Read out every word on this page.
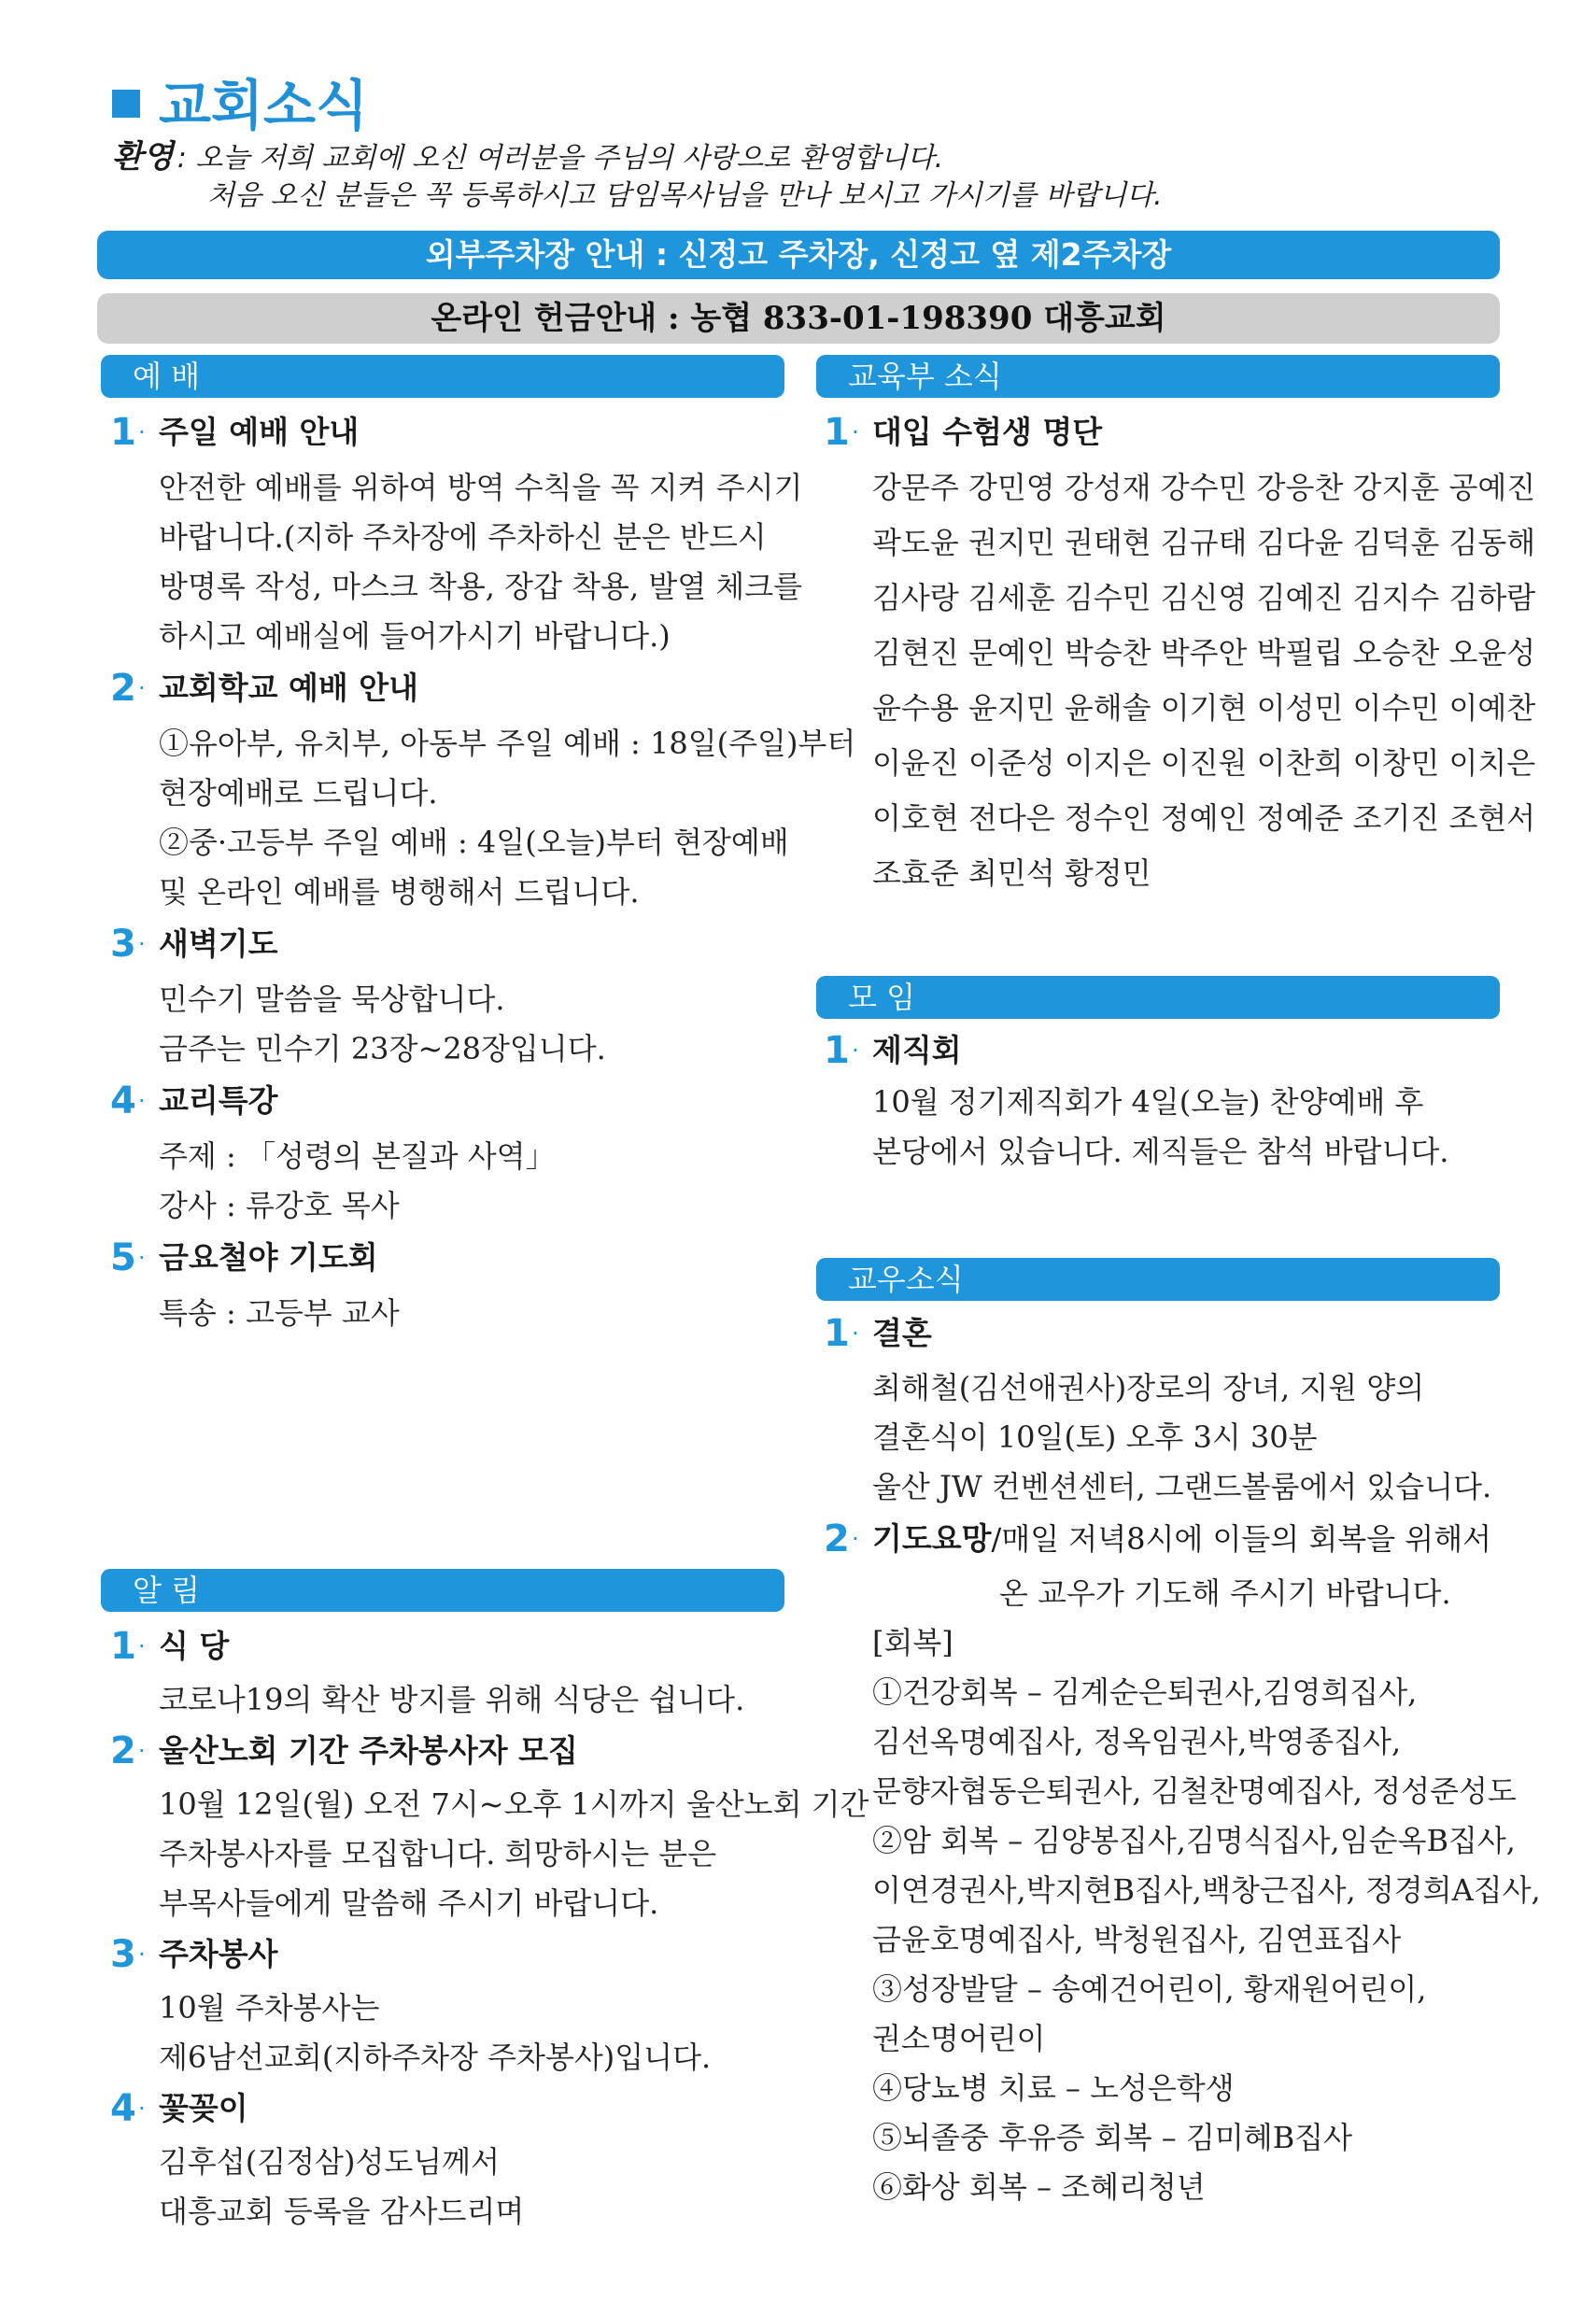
교회소식
환영 : 오늘 저희 교회에 오신 여러분을 주님의 사랑으로 환영합니다.
처음 오신 분들은 꼭 등록하시고 담임목사님을 만나 보시고 가시기를 바랍니다.
외부주차장 안내 : 신정고 주차장, 신정고 옆 제2주차장
온라인 헌금안내 : 농협 833-01-198390 대흥교회
예 배
알 림
교육부 소식
모 임
교우소식
1 · 주일 예배 안내
안전한 예배를 위하여 방역 수칙을 꼭 지켜 주시기
바랍니다.(지하 주차장에 주차하신 분은 반드시
방명록 작성, 마스크 착용, 장갑 착용, 발열 체크를
하시고 예배실에 들어가시기 바랍니다.)
2 · 교회학교 예배 안내
①유아부, 유치부, 아동부 주일 예배 : 18일(주일)부터
현장예배로 드립니다.
②중·고등부 주일 예배 : 4일(오늘)부터 현장예배
및 온라인 예배를 병행해서 드립니다.
3 · 새벽기도
민수기 말씀을 묵상합니다.
금주는 민수기 23장~28장입니다.
4 · 교리특강
주제 : 「성령의 본질과 사역」
강사 : 류강호 목사
5 · 금요철야 기도회
특송 : 고등부 교사
1 · 식 당
코로나19의 확산 방지를 위해 식당은 쉽니다.
2 · 울산노회 기간 주차봉사자 모집
10월 12일(월) 오전 7시~오후 1시까지 울산노회 기간
주차봉사자를 모집합니다. 희망하시는 분은
부목사들에게 말씀해 주시기 바랍니다.
3 · 주차봉사
10월 주차봉사는
제6남선교회(지하주차장 주차봉사)입니다.
4 · 꽃꽂이
김후섭(김정삼)성도님께서
대흥교회 등록을 감사드리며
1 · 대입 수험생 명단
강문주 강민영 강성재 강수민 강응찬 강지훈 공예진
곽도윤 권지민 권태현 김규태 김다윤 김덕훈 김동해
김사랑 김세훈 김수민 김신영 김예진 김지수 김하람
김현진 문예인 박승찬 박주안 박필립 오승찬 오윤성
윤수용 윤지민 윤해솔 이기현 이성민 이수민 이예찬
이윤진 이준성 이지은 이진원 이찬희 이창민 이치은
이호현 전다은 정수인 정예인 정예준 조기진 조현서
조효준 최민석 황정민
1 · 제직회
10월 정기제직회가 4일(오늘) 찬양예배 후
본당에서 있습니다. 제직들은 참석 바랍니다.
1 · 결혼
최해철(김선애권사)장로의 장녀, 지원 양의
결혼식이 10일(토) 오후 3시 30분
울산 JW 컨벤션센터, 그랜드볼룸에서 있습니다.
2 · 기도요망/매일 저녁8시에 이들의 회복을 위해서
온 교우가 기도해 주시기 바랍니다.
[회복]
①건강회복 – 김계순은퇴권사,김영희집사,
김선옥명예집사, 정옥임권사,박영종집사,
문향자협동은퇴권사, 김철찬명예집사, 정성준성도
②암 회복 – 김양봉집사,김명식집사,임순옥B집사,
이연경권사,박지현B집사,백창근집사, 정경희A집사,
금윤호명예집사, 박청원집사, 김연표집사
③성장발달 – 송예건어린이, 황재원어린이,
권소명어린이
④당뇨병 치료 – 노성은학생
⑤뇌졸중 후유증 회복 – 김미혜B집사
⑥화상 회복 – 조혜리청년
